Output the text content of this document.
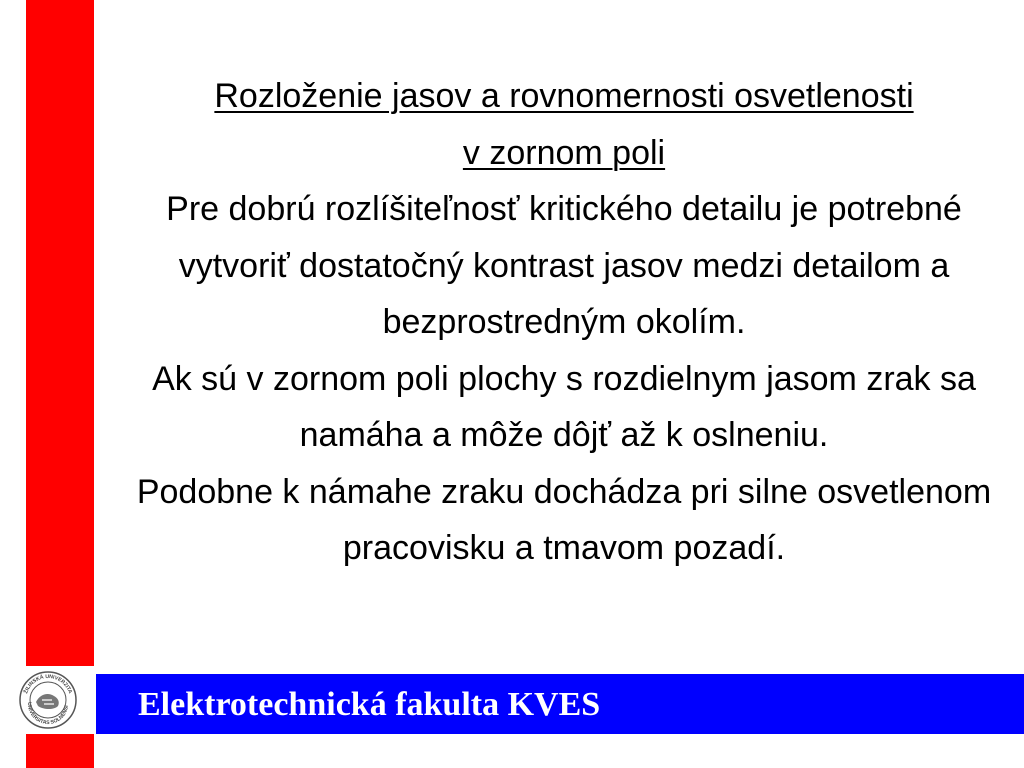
Rozloženie jasov a rovnomernosti osvetlenosti v zornom poli

Pre dobrú rozlíšiteľnosť kritického detailu je potrebné vytvoriť dostatočný kontrast jasov medzi detailom a bezprostredným okolím.

Ak sú v zornom poli plochy s rozdielnym jasom zrak sa namáha a môže dôjť až k oslneniu.

Podobne k námahe zraku dochádza pri silne osvetlenom pracovisku a tmavom pozadí.

ŽILINSKÁ UNIVERZITA
UNIVERSITAS SOLNENSI Elektrotechnická fakulta KVES
